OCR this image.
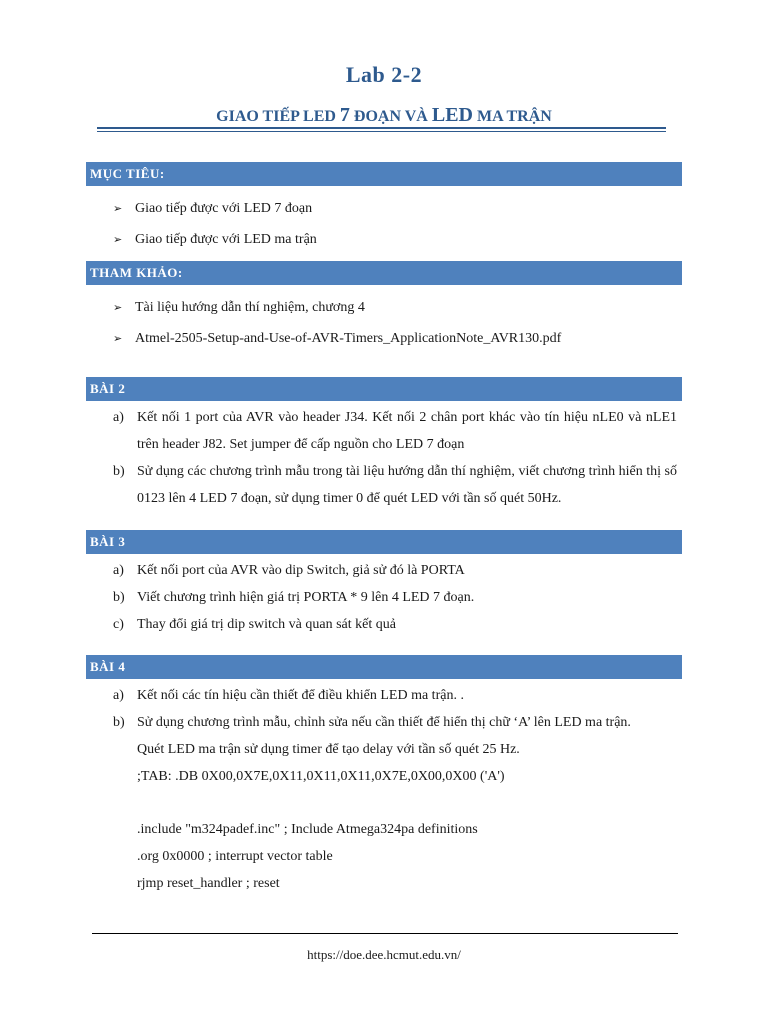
Lab 2-2
GIAO TIẾP LED 7 ĐOẠN VÀ LED MA TRẬN
MỤC TIÊU:
➢ Giao tiếp được với LED 7 đoạn
➢ Giao tiếp được với LED ma trận
THAM KHẢO:
➢ Tài liệu hướng dẫn thí nghiệm, chương 4
➢ Atmel-2505-Setup-and-Use-of-AVR-Timers_ApplicationNote_AVR130.pdf
BÀI 2
a) Kết nối 1 port của AVR vào header J34. Kết nối 2 chân port khác vào tín hiệu nLE0 và nLE1 trên header J82. Set jumper để cấp nguồn cho LED 7 đoạn
b) Sử dụng các chương trình mẫu trong tài liệu hướng dẫn thí nghiệm, viết chương trình hiển thị số 0123 lên 4 LED 7 đoạn, sử dụng timer 0 để quét LED với tần số quét 50Hz.
BÀI 3
a) Kết nối port của AVR vào dip Switch, giả sử đó là PORTA
b) Viết chương trình hiện giá trị PORTA * 9 lên 4 LED 7 đoạn.
c) Thay đổi giá trị dip switch và quan sát kết quả
BÀI 4
a) Kết nối các tín hiệu cần thiết để điều khiển LED ma trận. .
b) Sử dụng chương trình mẫu, chỉnh sửa nếu cần thiết để hiển thị chữ ‘A’ lên LED ma trận.
Quét LED ma trận sử dụng timer để tạo delay với tần số quét 25 Hz.
;TAB: .DB 0X00,0X7E,0X11,0X11,0X11,0X7E,0X00,0X00 ('A')
.include "m324padef.inc" ; Include Atmega324pa definitions
.org 0x0000 ; interrupt vector table
rjmp reset_handler ; reset
https://doe.dee.hcmut.edu.vn/
